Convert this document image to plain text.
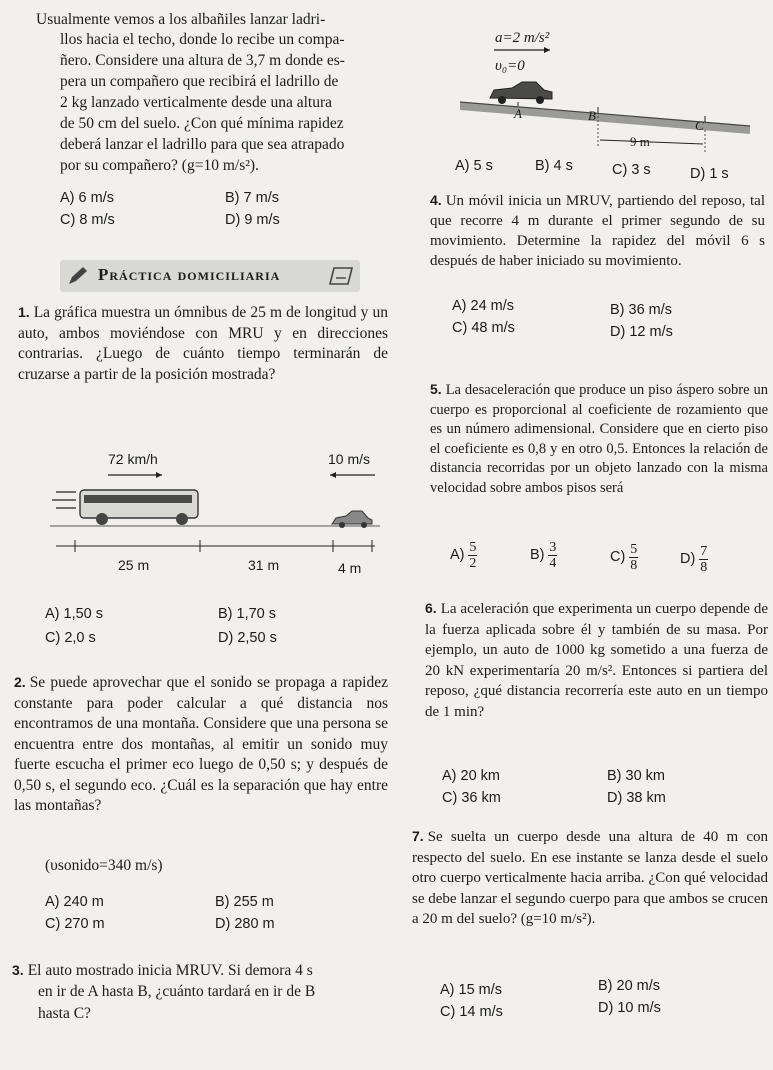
Usualmente vemos a los albañiles lanzar ladri-
llos hacia el techo, donde lo recibe un compa-
ñero. Considere una altura de 3,7 m donde es-
pera un compañero que recibirá el ladrillo de
2 kg lanzado verticalmente desde una altura
de 50 cm del suelo. ¿Con qué mínima rapidez
deberá lanzar el ladrillo para que sea atrapado
por su compañero? (g=10 m/s²).
A) 6 m/s	B) 7 m/s
C) 8 m/s	D) 9 m/s
a=2 m/s²
υ₀=0
A	B
C
9 m
A) 5 s	B) 4 s	C) 3 s	D) 1 s
Práctica domiciliaria

1. La gráfica muestra un ómnibus de 25 m de longitud y un auto, ambos moviéndose con MRU y en direcciones contrarias. ¿Luego de cuánto tiempo terminarán de cruzarse a partir de la posición mostrada?

72 km/h	10 m/s
25 m	31 m	4 m
A) 1,50 s	B) 1,70 s
C) 2,0 s	D) 2,50 s

2. Se puede aprovechar que el sonido se propaga a rapidez constante para poder calcular a qué distancia nos encontramos de una montaña. Considere que una persona se encuentra entre dos montañas, al emitir un sonido muy fuerte escucha el primer eco luego de 0,50 s; y después de 0,50 s, el segundo eco. ¿Cuál es la separación que hay entre las montañas?

(υsonido=340 m/s)
A) 240 m	B) 255 m
C) 270 m	D) 280 m
3. El auto mostrado inicia MRUV. Si demora 4 s
en ir de A hasta B, ¿cuánto tardará en ir de B
hasta C?

4. Un móvil inicia un MRUV, partiendo del reposo, tal que recorre 4 m durante el primer segundo de su movimiento. Determine la rapidez del móvil 6 s después de haber iniciado su movimiento.

A) 24 m/s	B) 36 m/s
C) 48 m/s	D) 12 m/s

5. La desaceleración que produce un piso áspero sobre un cuerpo es proporcional al coeficiente de rozamiento que es un número adimensional. Considere que en cierto piso el coeficiente es 0,8 y en otro 0,5. Entonces la relación de distancia recorridas por un objeto lanzado con la misma velocidad sobre ambos pisos será

$A) \frac{5}{2}$	$B) \frac{3}{4}$	$C) \frac{5}{8}$	$D) \frac{7}{8}$

6. La aceleración que experimenta un cuerpo depende de la fuerza aplicada sobre él y también de su masa. Por ejemplo, un auto de 1000 kg sometido a una fuerza de 20 kN experimentaría 20 m/s². Entonces si partiera del reposo, ¿qué distancia recorrería este auto en un tiempo de 1 min?

A) 20 km	B) 30 km
C) 36 km	D) 38 km

7. Se suelta un cuerpo desde una altura de 40 m con respecto del suelo. En ese instante se lanza desde el suelo otro cuerpo verticalmente hacia arriba. ¿Con qué velocidad se debe lanzar el segundo cuerpo para que ambos se crucen a 20 m del suelo? (g=10 m/s²).

A) 15 m/s	B) 20 m/s
C) 14 m/s	D) 10 m/s
